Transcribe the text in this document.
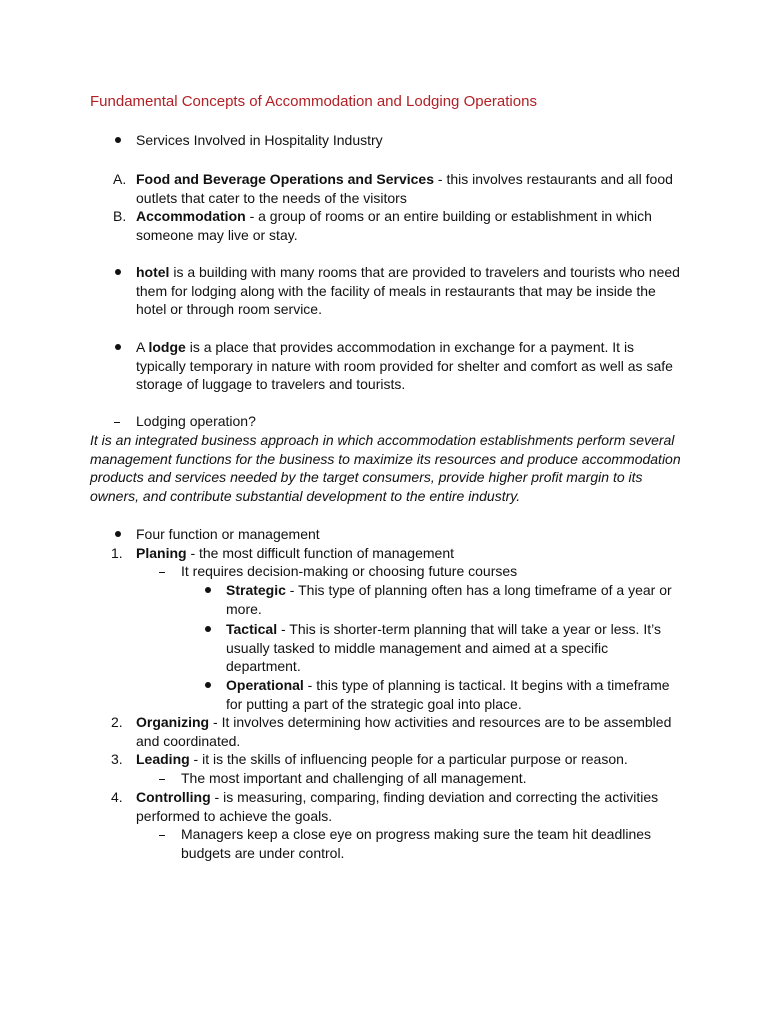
Fundamental Concepts of Accommodation and Lodging Operations
Services Involved in Hospitality Industry
A. Food and Beverage Operations and Services - this involves restaurants and all food
outlets that cater to the needs of the visitors
B. Accommodation - a group of rooms or an entire building or establishment in which
someone may live or stay.
hotel is a building with many rooms that are provided to travelers and tourists who need
them for lodging along with the facility of meals in restaurants that may be inside the
hotel or through room service.
A lodge is a place that provides accommodation in exchange for a payment. It is
typically temporary in nature with room provided for shelter and comfort as well as safe
storage of luggage to travelers and tourists.
Lodging operation?
It is an integrated business approach in which accommodation establishments perform several
management functions for the business to maximize its resources and produce accommodation
products and services needed by the target consumers, provide higher profit margin to its
owners, and contribute substantial development to the entire industry.
Four function or management
1. Planing - the most difficult function of management
It requires decision-making or choosing future courses
Strategic - This type of planning often has a long timeframe of a year or
more.
Tactical - This is shorter-term planning that will take a year or less. It’s
usually tasked to middle management and aimed at a specific
department.
Operational - this type of planning is tactical. It begins with a timeframe
for putting a part of the strategic goal into place.
2. Organizing - It involves determining how activities and resources are to be assembled
and coordinated.
3. Leading - it is the skills of influencing people for a particular purpose or reason.
The most important and challenging of all management.
4. Controlling - is measuring, comparing, finding deviation and correcting the activities
performed to achieve the goals.
Managers keep a close eye on progress making sure the team hit deadlines
budgets are under control.
